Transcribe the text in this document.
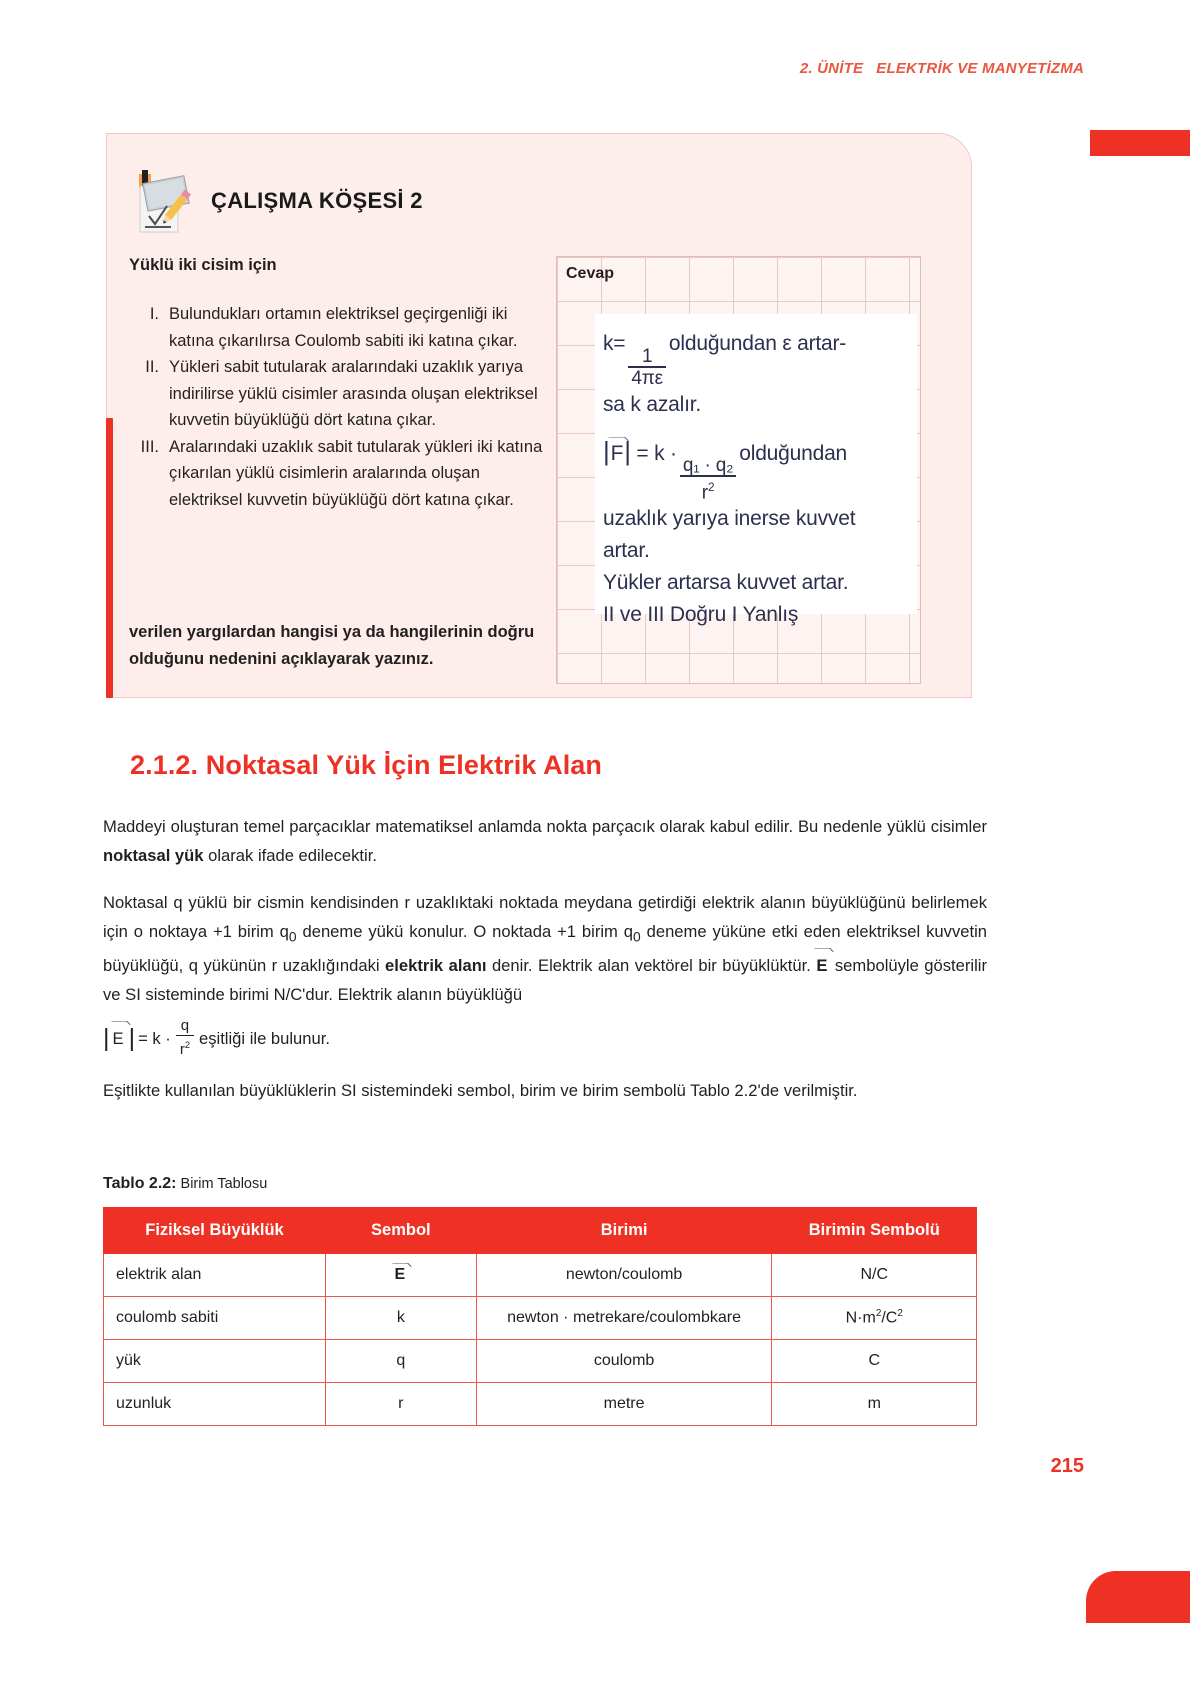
2. ÜNİTE   ELEKTRİK VE MANYETİZMA
ÇALIŞMA KÖŞESİ 2
Yüklü iki cisim için
I. Bulundukları ortamın elektriksel geçirgenliği iki katına çıkarılırsa Coulomb sabiti iki katına çıkar.
II. Yükleri sabit tutularak aralarındaki uzaklık yarıya indirilirse yüklü cisimler arasında oluşan elektriksel kuvvetin büyüklüğü dört katına çıkar.
III. Aralarındaki uzaklık sabit tutularak yükleri iki katına çıkarılan yüklü cisimlerin aralarında oluşan elektriksel kuvvetin büyüklüğü dört katına çıkar.
verilen yargılardan hangisi ya da hangilerinin doğru olduğunu nedenini açıklayarak yazınız.
Cevap
k=
$\frac{1}{4\pi\varepsilon}$
olduğundan ε artar-
sa k azalır.
|F| = k ·
$\frac{\text{q₁ · q₂}}{r^2}$
olduğundan
uzaklık yarıya inerse kuvvet
artar.
Yükler artarsa kuvvet artar.
II ve III Doğru I Yanlış
2.1.2. Noktasal Yük İçin Elektrik Alan
Maddeyi oluşturan temel parçacıklar matematiksel anlamda nokta parçacık olarak kabul edilir. Bu nedenle yüklü cisimler noktasal yük olarak ifade edilecektir.
Noktasal q yüklü bir cismin kendisinden r uzaklıktaki noktada meydana getirdiği elektrik alanın büyüklüğünü belirlemek için o noktaya +1 birim $q_0$ deneme yükü konulur. O noktada +1 birim $q_0$ deneme yüküne etki eden elektriksel kuvvetin büyüklüğü, q yükünün r uzaklığındaki elektrik alanı denir. Elektrik alan vektörel bir büyüklüktür. E sembolüyle gösterilir ve SI sisteminde birimi N/C'dur. Elektrik alanın büyüklüğü
| E | = $k \cdot \frac{q}{r^2}$ eşitliği ile bulunur.
Eşitlikte kullanılan büyüklüklerin SI sistemindeki sembol, birim ve birim sembolü Tablo 2.2'de verilmiştir.
Tablo 2.2: Birim Tablosu
Fiziksel Büyüklük	Sembol	Birimi	Birimin Sembolü
elektrik alan	E	newton/coulomb	N/C
coulomb sabiti	k	newton · metrekare/coulombkare	$N\cdot m^2/C^2$
yük	q	coulomb	C
uzunluk	r	metre	m
215
